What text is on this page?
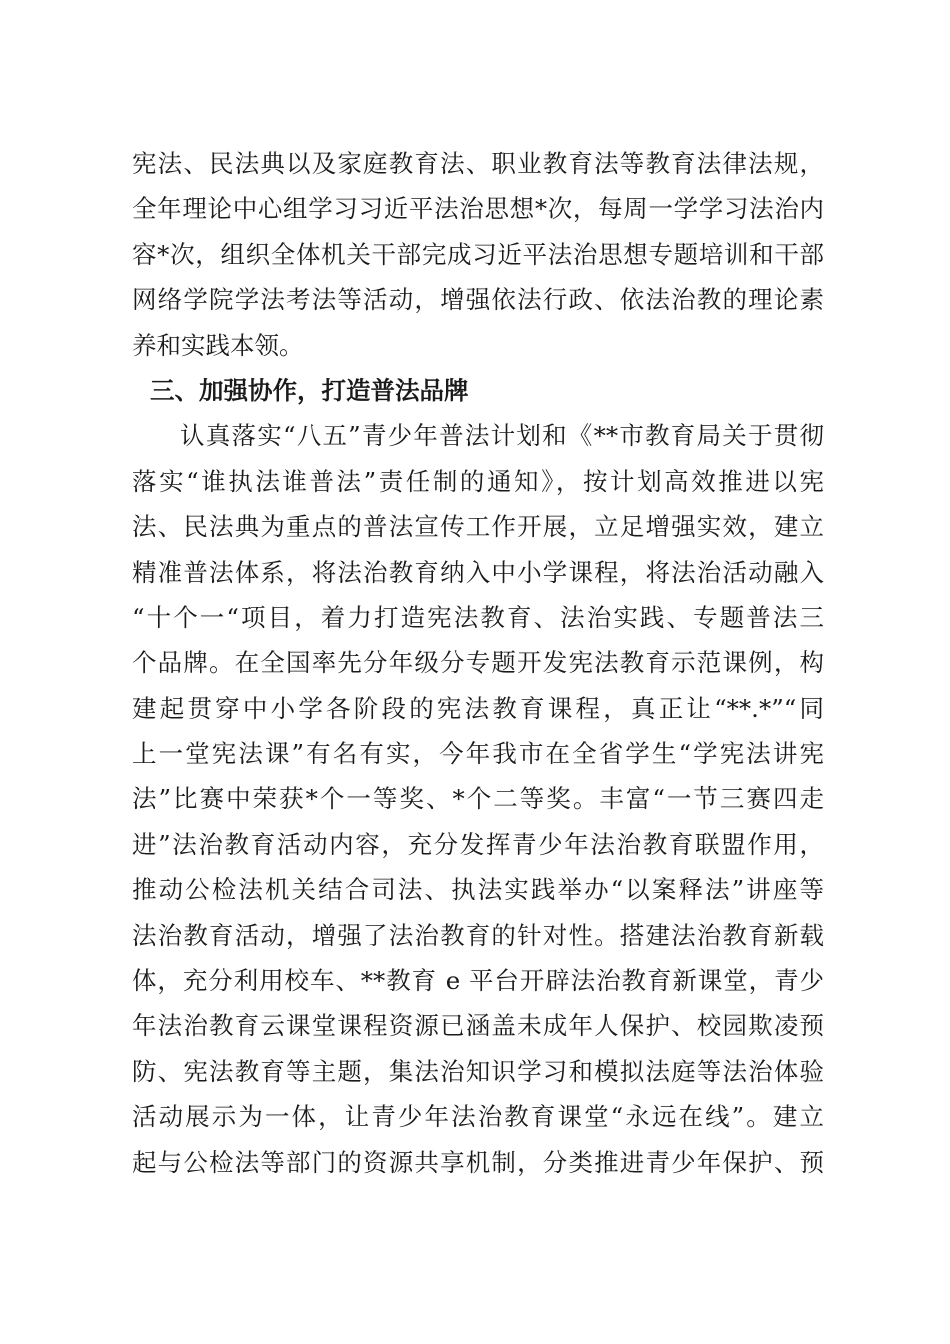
宪法、民法典以及家庭教育法、职业教育法等教育法律法规，
全年理论中心组学习习近平法治思想*次，每周一学学习法治内
容*次，组织全体机关干部完成习近平法治思想专题培训和干部
网络学院学法考法等活动，增强依法行政、依法治教的理论素
养和实践本领。
三、加强协作，打造普法品牌
认真落实“八五”青少年普法计划和《**市教育局关于贯彻
落实“谁执法谁普法”责任制的通知》，按计划高效推进以宪
法、民法典为重点的普法宣传工作开展，立足增强实效，建立
精准普法体系，将法治教育纳入中小学课程，将法治活动融入
“十个一“项目，着力打造宪法教育、法治实践、专题普法三
个品牌。在全国率先分年级分专题开发宪法教育示范课例，构
建起贯穿中小学各阶段的宪法教育课程，真正让“**.*”“同
上一堂宪法课”有名有实，今年我市在全省学生“学宪法讲宪
法”比赛中荣获*个一等奖、*个二等奖。丰富“一节三赛四走
进”法治教育活动内容，充分发挥青少年法治教育联盟作用，
推动公检法机关结合司法、执法实践举办“以案释法”讲座等
法治教育活动，增强了法治教育的针对性。搭建法治教育新载
体，充分利用校车、**教育 e 平台开辟法治教育新课堂，青少
年法治教育云课堂课程资源已涵盖未成年人保护、校园欺凌预
防、宪法教育等主题，集法治知识学习和模拟法庭等法治体验
活动展示为一体，让青少年法治教育课堂“永远在线”。建立
起与公检法等部门的资源共享机制，分类推进青少年保护、预
